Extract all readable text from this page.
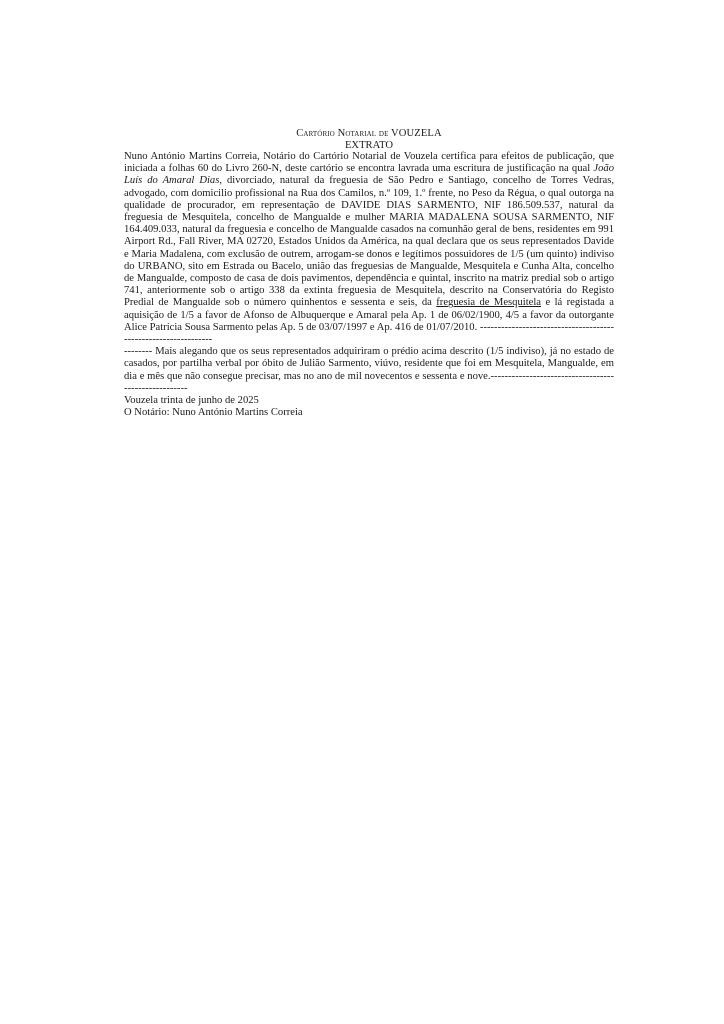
Cartório Notarial de VOUZELA
EXTRATO

Nuno António Martins Correia, Notário do Cartório Notarial de Vouzela certifica para efeitos de publicação, que iniciada a folhas 60 do Livro 260-N, deste cartório se encontra lavrada uma escritura de justificação na qual João Luís do Amaral Dias, divorciado, natural da freguesia de São Pedro e Santiago, concelho de Torres Vedras, advogado, com domicilio profissional na Rua dos Camilos, n.º 109, 1.º frente, no Peso da Régua, o qual outorga na qualidade de procurador, em representação de DAVIDE DIAS SARMENTO, NIF 186.509.537, natural da freguesia de Mesquitela, concelho de Mangualde e mulher MARIA MADALENA SOUSA SARMENTO, NIF 164.409.033, natural da freguesia e concelho de Mangualde casados na comunhão geral de bens, residentes em 991 Airport Rd., Fall River, MA 02720, Estados Unidos da América, na qual declara que os seus representados Davide e Maria Madalena, com exclusão de outrem, arrogam-se donos e legítimos possuidores de 1/5 (um quinto) indiviso do URBANO, sito em Estrada ou Bacelo, união das freguesias de Mangualde, Mesquitela e Cunha Alta, concelho de Mangualde, composto de casa de dois pavimentos, dependência e quintal, inscrito na matriz predial sob o artigo 741, anteriormente sob o artigo 338 da extinta freguesia de Mesquitela, descrito na Conservatória do Registo Predial de Mangualde sob o número quinhentos e sessenta e seis, da freguesia de Mesquitela e lá registada a aquisição de 1/5 a favor de Afonso de Albuquerque e Amaral pela Ap. 1 de 06/02/1900, 4/5 a favor da outorgante Alice Patrícia Sousa Sarmento pelas Ap. 5 de 03/07/1997 e Ap. 416 de 01/07/2010. ---------------------------------------------------------------

-------- Mais alegando que os seus representados adquiriram o prédio acima descrito (1/5 indiviso), já no estado de casados, por partilha verbal por óbito de Julião Sarmento, viúvo, residente que foi em Mesquitela, Mangualde, em dia e mês que não consegue precisar, mas no ano de mil novecentos e sessenta e nove.-----------------------------------------------------

Vouzela trinta de junho de 2025

O Notário: Nuno António Martins Correia
